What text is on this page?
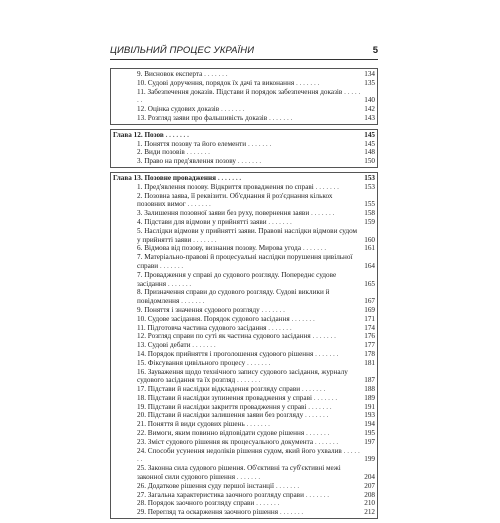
ЦИВІЛЬНИЙ ПРОЦЕС УКРАЇНИ	5
9. Висновок експерта . . . . . . .	134
10. Судові доручення, порядок їх дачі та виконання . . . . . . .	135
11. Забезпечення доказів. Підстави й порядок забезпечення доказів . . . . . . .	140
12. Оцінка судових доказів . . . . . . .	142
13. Розгляд заяви про фальшивість доказів . . . . . . .	143
Глава 12. Позов . . . . . . .	145
1. Поняття позову та його елементи . . . . . . .	145
2. Види позовів . . . . . . .	148
3. Право на пред'явлення позову . . . . . . .	150
Глава 13. Позовне провадження . . . . . . .	153
1. Пред'явлення позову. Відкриття провадження по справі . . . . . . .	153
2. Позовна заява, її реквізити. Об'єднання й роз'єднання кількох позовних вимог . . . . . . .	155
3. Залишення позовної заяви без руху, повернення заяви . . . . . . .	158
4. Підстави для відмови у прийнятті заяви . . . . . . .	159
5. Наслідки відмови у прийнятті заяви. Правові наслідки відмови судом у прийнятті заяви . . . . . . .	160
6. Відмова від позову, визнання позову. Мирова угода . . . . . . .	161
7. Матеріально-правові й процесуальні наслідки порушення цивільної справи . . . . . . .	164
7. Провадження у справі до судового розгляду. Попереднє судове засідання . . . . . . .	165
8. Призначення справи до судового розгляду. Судові виклики й повідомлення . . . . . . .	167
9. Поняття і значення судового розгляду . . . . . . .	169
10. Судове засідання. Порядок судового засідання . . . . . . .	171
11. Підготовча частина судового засідання . . . . . . .	174
12. Розгляд справи по суті як частина судового засідання . . . . . . .	176
13. Судові дебати . . . . . . .	177
14. Порядок прийняття і проголошення судового рішення . . . . . . .	178
15. Фіксування цивільного процесу . . . . . . .	181
16. Зауваження щодо технічного запису судового засідання, журналу судового засідання та їх розгляд . . . . . . .	187
17. Підстави й наслідки відкладення розгляду справи . . . . . . .	188
18. Підстави й наслідки зупинення провадження у справі . . . . . . .	189
19. Підстави й наслідки закриття провадження у справі . . . . . . .	191
20. Підстави й наслідки залишення заяви без розгляду . . . . . . .	193
21. Поняття й види судових рішень . . . . . . .	194
22. Вимоги, яким повинно відповідати судове рішення . . . . . . .	195
23. Зміст судового рішення як процесуального документа . . . . . . .	197
24. Способи усунення недоліків рішення судом, який його ухвалив . . . . . . .	199
25. Законна сила судового рішення. Об'єктивні та суб'єктивні межі законної сили судового рішення . . . . . . .	204
26. Додаткове рішення суду першої інстанції . . . . . . .	207
27. Загальна характеристика заочного розгляду справи . . . . . . .	208
28. Порядок заочного розгляду справи . . . . . . .	210
29. Перегляд та оскарження заочного рішення . . . . . . .	212
